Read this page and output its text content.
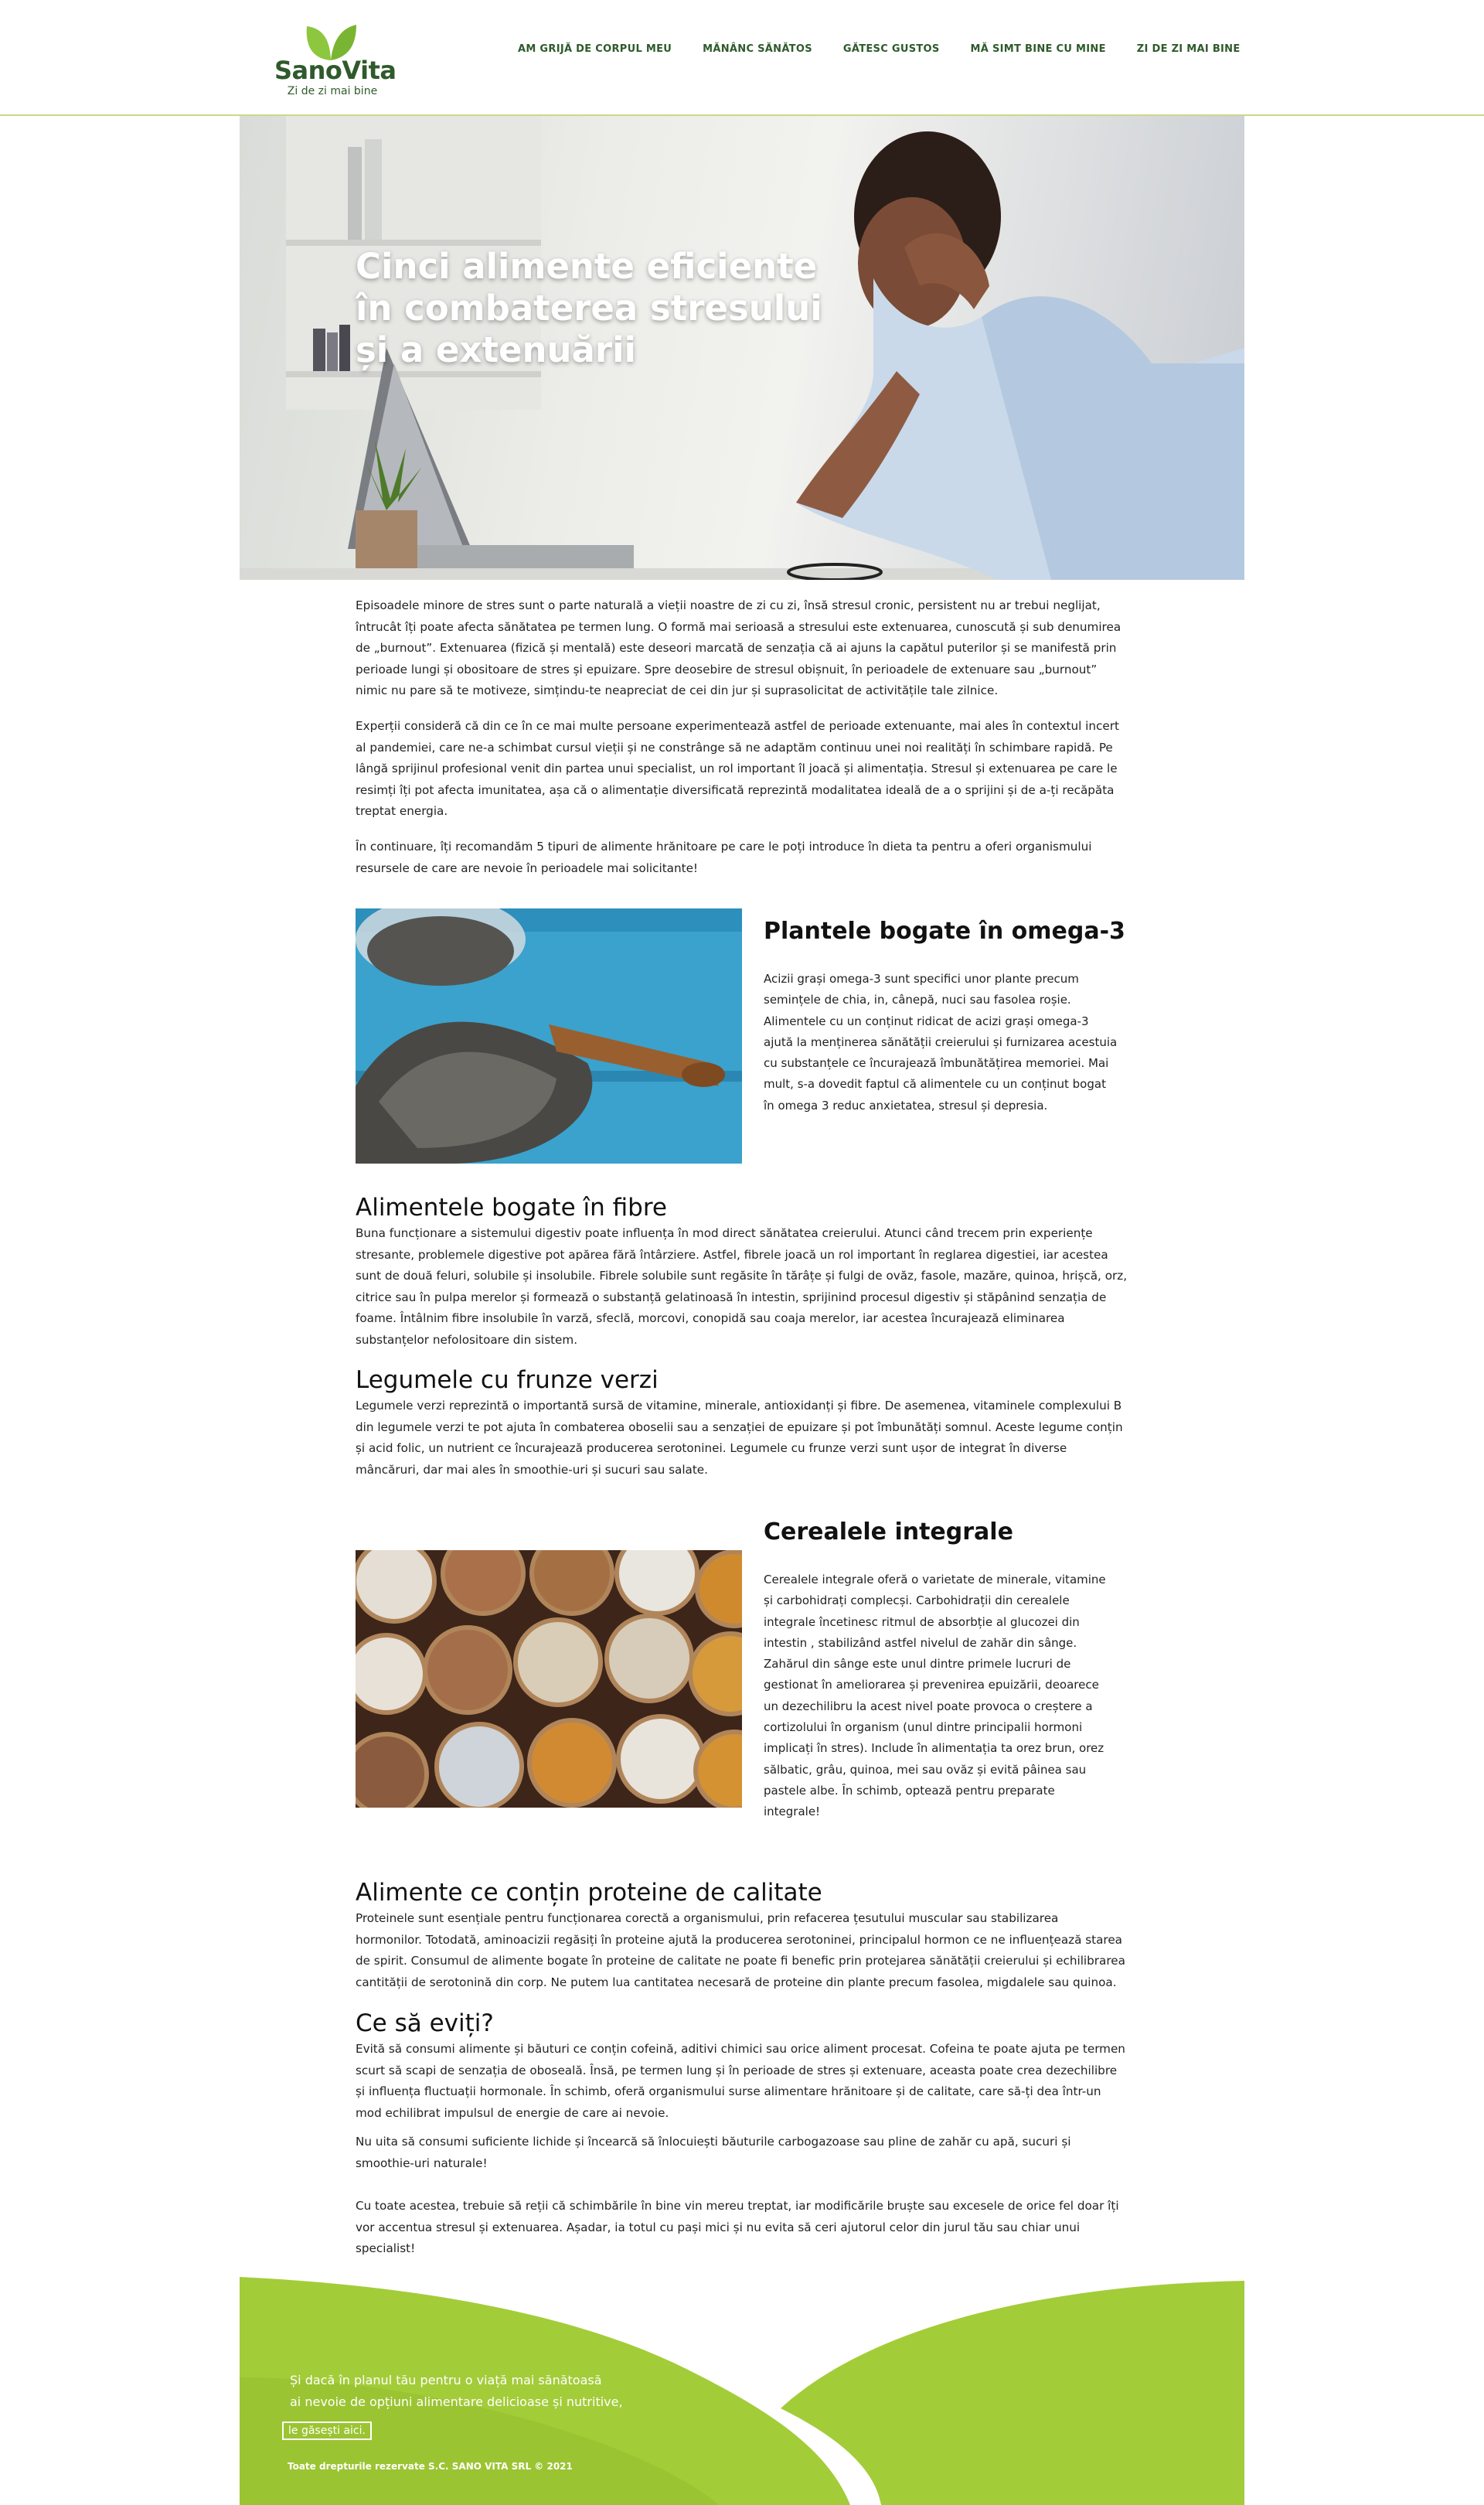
SanoVita
Zi de zi mai bine
AM GRIJĂ DE CORPUL MEU	MĂNÂNC SĂNĂTOS	GĂTESC GUSTOS	MĂ SIMT BINE CU MINE	ZI DE ZI MAI BINE
Cinci alimente eficiente în combaterea stresului și a extenuării

Episoadele minore de stres sunt o parte naturală a vieții noastre de zi cu zi, însă stresul cronic, persistent nu ar trebui neglijat, întrucât îți poate afecta sănătatea pe termen lung. O formă mai serioasă a stresului este extenuarea, cunoscută și sub denumirea de „burnout”. Extenuarea (fizică și mentală) este deseori marcată de senzația că ai ajuns la capătul puterilor și se manifestă prin perioade lungi și obositoare de stres și epuizare. Spre deosebire de stresul obișnuit, în perioadele de extenuare sau „burnout” nimic nu pare să te motiveze, simțindu-te neapreciat de cei din jur și suprasolicitat de activitățile tale zilnice.

Experții consideră că din ce în ce mai multe persoane experimentează astfel de perioade extenuante, mai ales în contextul incert al pandemiei, care ne-a schimbat cursul vieții și ne constrânge să ne adaptăm continuu unei noi realități în schimbare rapidă. Pe lângă sprijinul profesional venit din partea unui specialist, un rol important îl joacă și alimentația. Stresul și extenuarea pe care le resimți îți pot afecta imunitatea, așa că o alimentație diversificată reprezintă modalitatea ideală de a o sprijini și de a-ți recăpăta treptat energia.

În continuare, îți recomandăm 5 tipuri de alimente hrănitoare pe care le poți introduce în dieta ta pentru a oferi organismului resursele de care are nevoie în perioadele mai solicitante!

Plantele bogate în omega-3

Acizii grași omega-3 sunt specifici unor plante precum semințele de chia, in, cânepă, nuci sau fasolea roșie. Alimentele cu un conținut ridicat de acizi grași omega-3 ajută la menținerea sănătății creierului și furnizarea acestuia cu substanțele ce încurajează îmbunătățirea memoriei. Mai mult, s-a dovedit faptul că alimentele cu un conținut bogat în omega 3 reduc anxietatea, stresul și depresia.

Alimentele bogate în fibre

Buna funcționare a sistemului digestiv poate influența în mod direct sănătatea creierului. Atunci când trecem prin experiențe stresante, problemele digestive pot apărea fără întârziere. Astfel, fibrele joacă un rol important în reglarea digestiei, iar acestea sunt de două feluri, solubile și insolubile. Fibrele solubile sunt regăsite în tărâțe și fulgi de ovăz, fasole, mazăre, quinoa, hrișcă, orz, citrice sau în pulpa merelor și formează o substanță gelatinoasă în intestin, sprijinind procesul digestiv și stăpânind senzația de foame. Întâlnim fibre insolubile în varză, sfeclă, morcovi, conopidă sau coaja merelor, iar acestea încurajează eliminarea substanțelor nefolositoare din sistem.

Legumele cu frunze verzi

Legumele verzi reprezintă o importantă sursă de vitamine, minerale, antioxidanți și fibre. De asemenea, vitaminele complexului B din legumele verzi te pot ajuta în combaterea oboselii sau a senzației de epuizare și pot îmbunătăți somnul. Aceste legume conțin și acid folic, un nutrient ce încurajează producerea serotoninei. Legumele cu frunze verzi sunt ușor de integrat în diverse mâncăruri, dar mai ales în smoothie-uri și sucuri sau salate.

Cerealele integrale

Cerealele integrale oferă o varietate de minerale, vitamine și carbohidrați complecși. Carbohidrații din cerealele integrale încetinesc ritmul de absorbție al glucozei din intestin , stabilizând astfel nivelul de zahăr din sânge. Zahărul din sânge este unul dintre primele lucruri de gestionat în ameliorarea și prevenirea epuizării, deoarece un dezechilibru la acest nivel poate provoca o creștere a cortizolului în organism (unul dintre principalii hormoni implicați în stres). Include în alimentația ta orez brun, orez sălbatic, grâu, quinoa, mei sau ovăz și evită pâinea sau pastele albe. În schimb, optează pentru preparate integrale!

Alimente ce conțin proteine de calitate

Proteinele sunt esențiale pentru funcționarea corectă a organismului, prin refacerea țesutului muscular sau stabilizarea hormonilor. Totodată, aminoacizii regăsiți în proteine ajută la producerea serotoninei, principalul hormon ce ne influențează starea de spirit. Consumul de alimente bogate în proteine de calitate ne poate fi benefic prin protejarea sănătății creierului și echilibrarea cantității de serotonină din corp. Ne putem lua cantitatea necesară de proteine din plante precum fasolea, migdalele sau quinoa.

Ce să eviți?

Evită să consumi alimente și băuturi ce conțin cofeină, aditivi chimici sau orice aliment procesat. Cofeina te poate ajuta pe termen scurt să scapi de senzația de oboseală. Însă, pe termen lung și în perioade de stres și extenuare, aceasta poate crea dezechilibre și influența fluctuații hormonale. În schimb, oferă organismului surse alimentare hrănitoare și de calitate, care să-ți dea într-un mod echilibrat impulsul de energie de care ai nevoie.

Nu uita să consumi suficiente lichide și încearcă să înlocuiești băuturile carbogazoase sau pline de zahăr cu apă, sucuri și smoothie-uri naturale!

Cu toate acestea, trebuie să reții că schimbările în bine vin mereu treptat, iar modificările bruște sau excesele de orice fel doar îți vor accentua stresul și extenuarea. Așadar, ia totul cu pași mici și nu evita să ceri ajutorul celor din jurul tău sau chiar unui specialist!

Și dacă în planul tău pentru o viață mai sănătoasă
ai nevoie de opțiuni alimentare delicioase și nutritive,
le găsești aici.
Toate drepturile rezervate S.C. SANO VITA SRL © 2021
